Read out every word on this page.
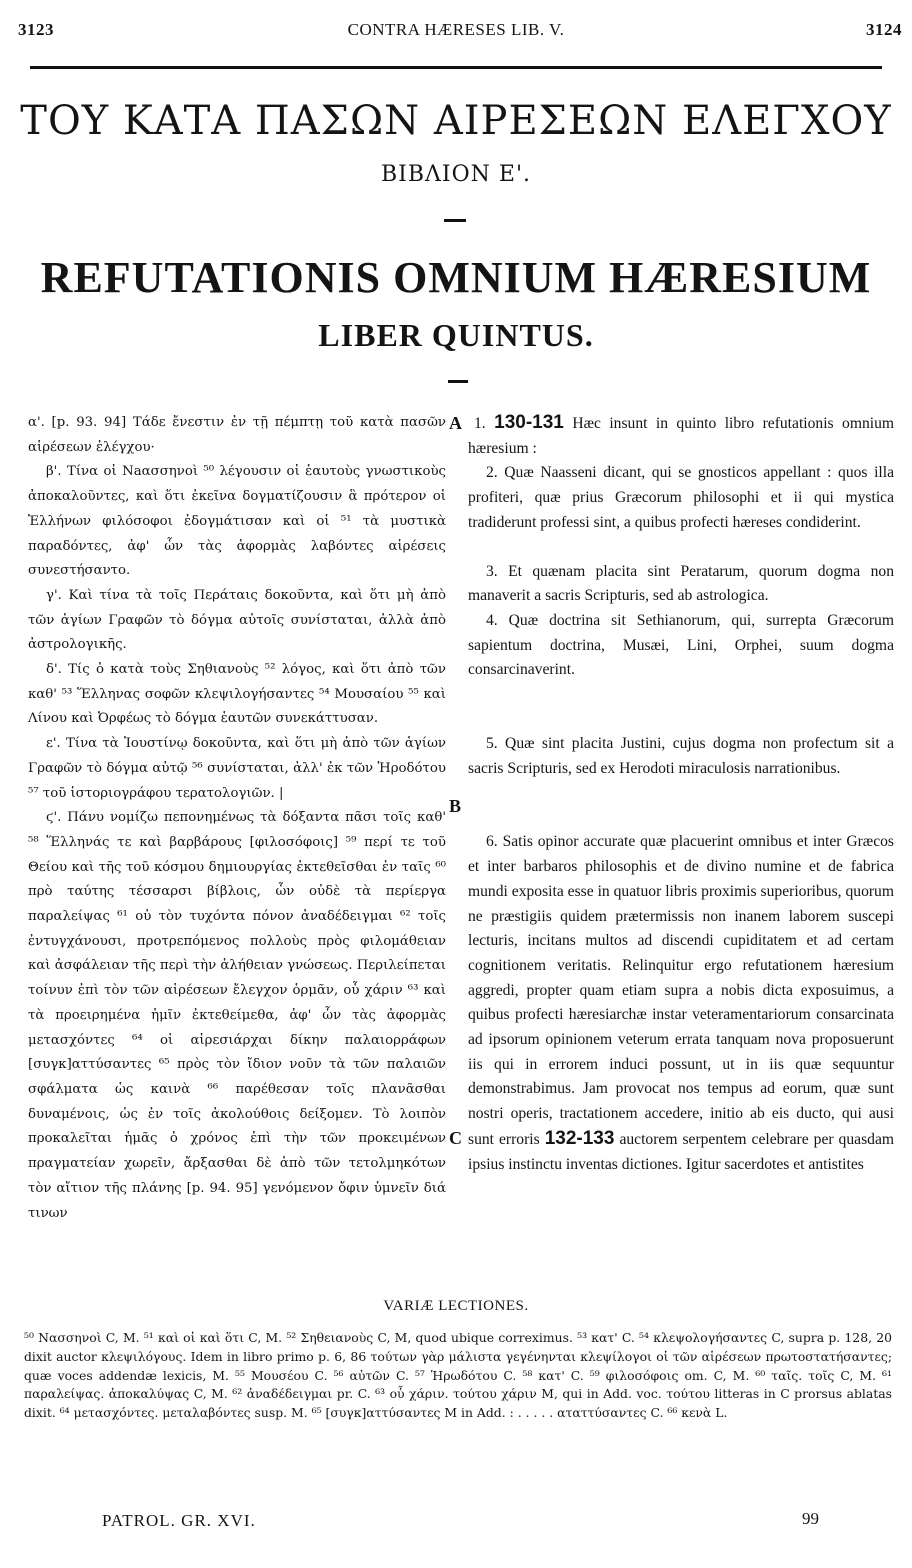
3123	CONTRA HÆRESES LIB. V.	3124
ΤΟΥ ΚΑΤΑ ΠΑΣΩΝ ΑΙΡΕΣΕΩΝ ΕΛΕΓΧΟΥ
ΒΙΒΛΙΟΝ Ε'.
REFUTATIONIS OMNIUM HÆRESIUM
LIBER QUINTUS.

α'. [p. 93. 94] Τάδε ἔνεστιν ἐν τῇ πέμπτῃ τοῦ κατὰ πασῶν αἱρέσεων ἐλέγχου·

β'. Τίνα οἱ Νaασσηνοὶ ⁵⁰ λέγουσιν οἱ ἑαυτοὺς γνωστικοὺς ἀποκαλοῦντες, καὶ ὅτι ἐκεῖνα δογματίζουσιν ἃ πρότερον οἱ Ἑλλήνων φιλόσοφοι ἐδογμάτισαν καὶ οἱ ⁵¹ τὰ μυστικὰ παραδόντες, ἀφ' ὧν τὰς ἀφορμὰς λαβόντες αἱρέσεις συνεστήσαντο.

γ'. Καὶ τίνα τὰ τοῖς Περάταις δοκοῦντα, καὶ ὅτι μὴ ἀπὸ τῶν ἁγίων Γραφῶν τὸ δόγμα αὐτοῖς συνίσταται, ἀλλὰ ἀπὸ ἀστρολογικῆς.

δ'. Τίς ὁ κατὰ τοὺς Σηθιανοὺς ⁵² λόγος, καὶ ὅτι ἀπὸ τῶν καθ' ⁵³ Ἕλληνας σοφῶν κλεψιλογήσαντες ⁵⁴ Μουσαίου ⁵⁵ καὶ Λίνου καὶ Ὀρφέως τὸ δόγμα ἑαυτῶν συνεκάττυσαν.

ε'. Τίνα τὰ Ἰουστίνῳ δοκοῦντα, καὶ ὅτι μὴ ἀπὸ τῶν ἁγίων Γραφῶν τὸ δόγμα αὐτῷ ⁵⁶ συνίσταται, ἀλλ' ἐκ τῶν Ἡροδότου ⁵⁷ τοῦ ἱστοριογράφου τερατολογιῶν. |

ϛ'. Πάνυ νομίζω πεπονημένως τὰ δόξαντα πᾶσι τοῖς καθ' ⁵⁸ Ἕλληνάς τε καὶ βαρβάρους [φιλοσόφοις] ⁵⁹ περί τε τοῦ Θείου καὶ τῆς τοῦ κόσμου δημιουργίας ἐκτεθεῖσθαι ἐν ταῖς ⁶⁰ πρὸ ταύτης τέσσαρσι βίβλοις, ὧν οὐδὲ τὰ περίεργα παραλείψας ⁶¹ οὐ τὸν τυχόντα πόνον ἀναδέδειγμαι ⁶² τοῖς ἐντυγχάνουσι, προτρεπόμενος πολλοὺς πρὸς φιλομάθειαν καὶ ἀσφάλειαν τῆς περὶ τὴν ἀλήθειαν γνώσεως. Περιλείπεται τοίνυν ἐπὶ τὸν τῶν αἱρέσεων ἔλεγχον ὁρμᾶν, οὗ χάριν ⁶³ καὶ τὰ προειρημένα ἡμῖν ἐκτεθείμεθα, ἀφ' ὧν τὰς ἀφορμὰς μετασχόντες ⁶⁴ οἱ αἱρεσιάρχαι δίκην παλαιορράφων [συγκ]αττύσαντες ⁶⁵ πρὸς τὸν ἴδιον νοῦν τὰ τῶν παλαιῶν σφάλματα ὡς καινὰ ⁶⁶ παρέθεσαν τοῖς πλανᾶσθαι δυναμένοις, ὡς ἐν τοῖς ἀκολούθοις δείξομεν. Τὸ λοιπὸν προκαλεῖται ἡμᾶς ὁ χρόνος ἐπὶ τὴν τῶν προκειμένων πραγματείαν χωρεῖν, ἄρξασθαι δὲ ἀπὸ τῶν τετολμηκότων τὸν αἴτιον τῆς πλάνης [p. 94. 95] γενόμενον ὄφιν ὑμνεῖν διά τινων

A
B
C

1. 130-131 Hæc insunt in quinto libro refutationis omnium hæresium :

2. Quæ Naasseni dicant, qui se gnosticos appellant : quos illa profiteri, quæ prius Græcorum philosophi et ii qui mystica tradiderunt professi sint, a quibus profecti hæreses condiderint.

3. Et quænam placita sint Peratarum, quorum dogma non manaverit a sacris Scripturis, sed ab astrologica.

4. Quæ doctrina sit Sethianorum, qui, surrepta Græcorum sapientum doctrina, Musæi, Lini, Orphei, suum dogma consarcinaverint.

5. Quæ sint placita Justini, cujus dogma non profectum sit a sacris Scripturis, sed ex Herodoti miraculosis narrationibus.

6. Satis opinor accurate quæ placuerint omnibus et inter Græcos et inter barbaros philosophis et de divino numine et de fabrica mundi exposita esse in quatuor libris proximis superioribus, quorum ne præstigiis quidem prætermissis non inanem laborem suscepi lecturis, incitans multos ad discendi cupiditatem et ad certam cognitionem veritatis. Relinquitur ergo refutationem hæresium aggredi, propter quam etiam supra a nobis dicta exposuimus, a quibus profecti hæresiarchæ instar veteramentariorum consarcinata ad ipsorum opinionem veterum errata tanquam nova proposuerunt iis qui in errorem induci possunt, ut in iis quæ sequuntur demonstrabimus. Jam provocat nos tempus ad eorum, quæ sunt nostri operis, tractationem accedere, initio ab eis ducto, qui ausi sunt erroris 132-133 auctorem serpentem celebrare per quasdam ipsius instinctu inventas dictiones. Igitur sacerdotes et antistites

VARIÆ LECTIONES.
⁵⁰ Νασσηνοὶ C, M. ⁵¹ καὶ οἱ καὶ ὅτι C, M. ⁵² Σηθειανοὺς C, M, quod ubique correximus. ⁵³ κατ' C. ⁵⁴ κλεψολογήσαντες C, supra p. 128, 20 dixit auctor κλεψιλόγους. Idem in libro primo p. 6, 86 τούτων γὰρ μάλιστα γεγένηνται κλεψίλογοι οἱ τῶν αἱρέσεων πρωτοστατήσαντες; quæ voces addendæ lexicis, M. ⁵⁵ Μουσέου C. ⁵⁶ αὐτῶν C. ⁵⁷ Ἡρωδότου C. ⁵⁸ κατ' C. ⁵⁹ φιλοσόφοις om. C, M. ⁶⁰ ταῖς. τοῖς C, M. ⁶¹ παραλείψας. ἀποκαλύψας C, M. ⁶² ἀναδέδειγμαι pr. C. ⁶³ οὗ χάριν. τούτου χάριν M, qui in Add. voc. τούτου litteras in C prorsus ablatas dixit. ⁶⁴ μετασχόντες. μεταλαβόντες susp. M. ⁶⁵ [συγκ]αττύσαντες M in Add. : . . . . . αταττύσαντες C. ⁶⁶ κενὰ L.
PATROL. GR. XVI.	99
